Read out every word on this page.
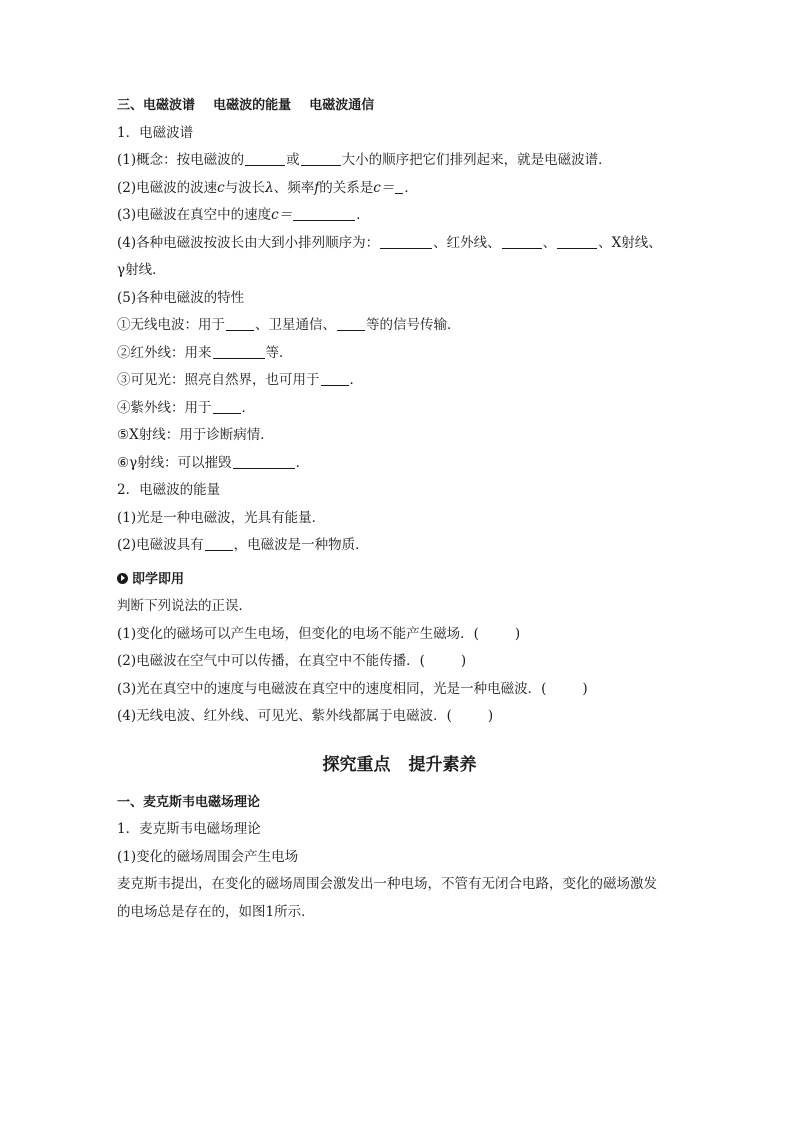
三、电磁波谱 电磁波的能量 电磁波通信
1．电磁波谱
(1)概念：按电磁波的	或	大小的顺序把它们排列起来，就是电磁波谱．
(2)电磁波的波速c与波长λ、频率f的关系是c＝ ．
(3)电磁波在真空中的速度c＝	．
(4)各种电磁波按波长由大到小排列顺序为：	、红外线、	、	、X射线、
γ射线．
(5)各种电磁波的特性
①无线电波：用于 、卫星通信、 等的信号传输．
②红外线：用来	等．
③可见光：照亮自然界，也可用于 ．
④紫外线：用于 ．
⑤X射线：用于诊断病情．
⑥γ射线：可以摧毁	．
2．电磁波的能量
(1)光是一种电磁波，光具有能量．
(2)电磁波具有 ，电磁波是一种物质．
即学即用
判断下列说法的正误．
(1)变化的磁场可以产生电场，但变化的电场不能产生磁场．(	)
(2)电磁波在空气中可以传播，在真空中不能传播．(	)
(3)光在真空中的速度与电磁波在真空中的速度相同，光是一种电磁波．(	)
(4)无线电波、红外线、可见光、紫外线都属于电磁波．(	)
探究重点 提升素养
一、麦克斯韦电磁场理论
1．麦克斯韦电磁场理论
(1)变化的磁场周围会产生电场
麦克斯韦提出，在变化的磁场周围会激发出一种电场，不管有无闭合电路，变化的磁场激发
的电场总是存在的，如图1所示．
